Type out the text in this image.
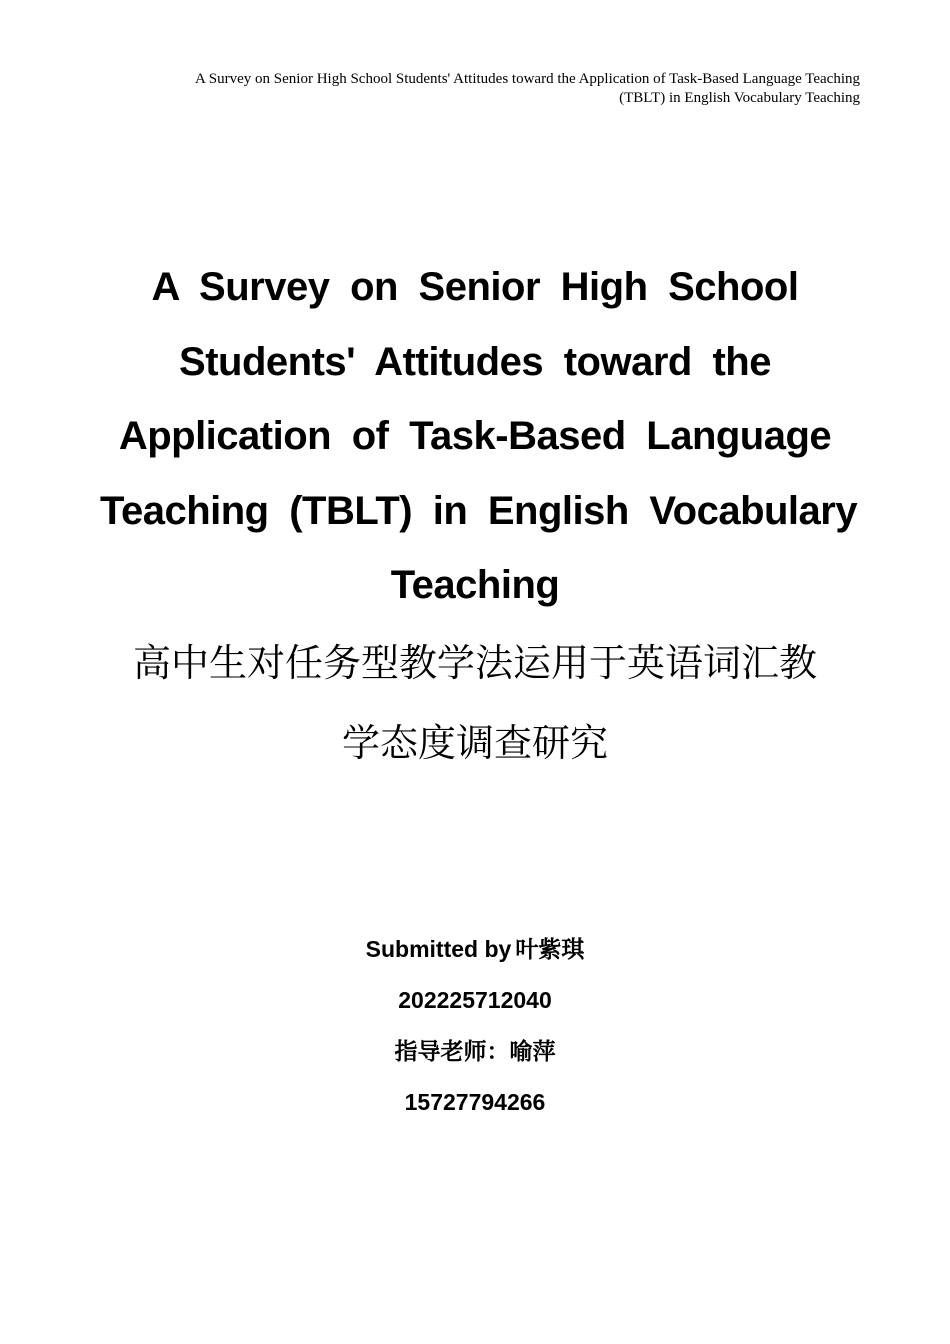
A Survey on Senior High School Students' Attitudes toward the Application of Task-Based Language Teaching
(TBLT) in English Vocabulary Teaching
A Survey on Senior High School
Students' Attitudes toward the
Application of Task-Based Language
Teaching (TBLT) in English Vocabulary
Teaching
高中生对任务型教学法运用于英语词汇教
学态度调查研究
Submitted by 叶紫琪
202225712040
指导老师：喻萍
15727794266
